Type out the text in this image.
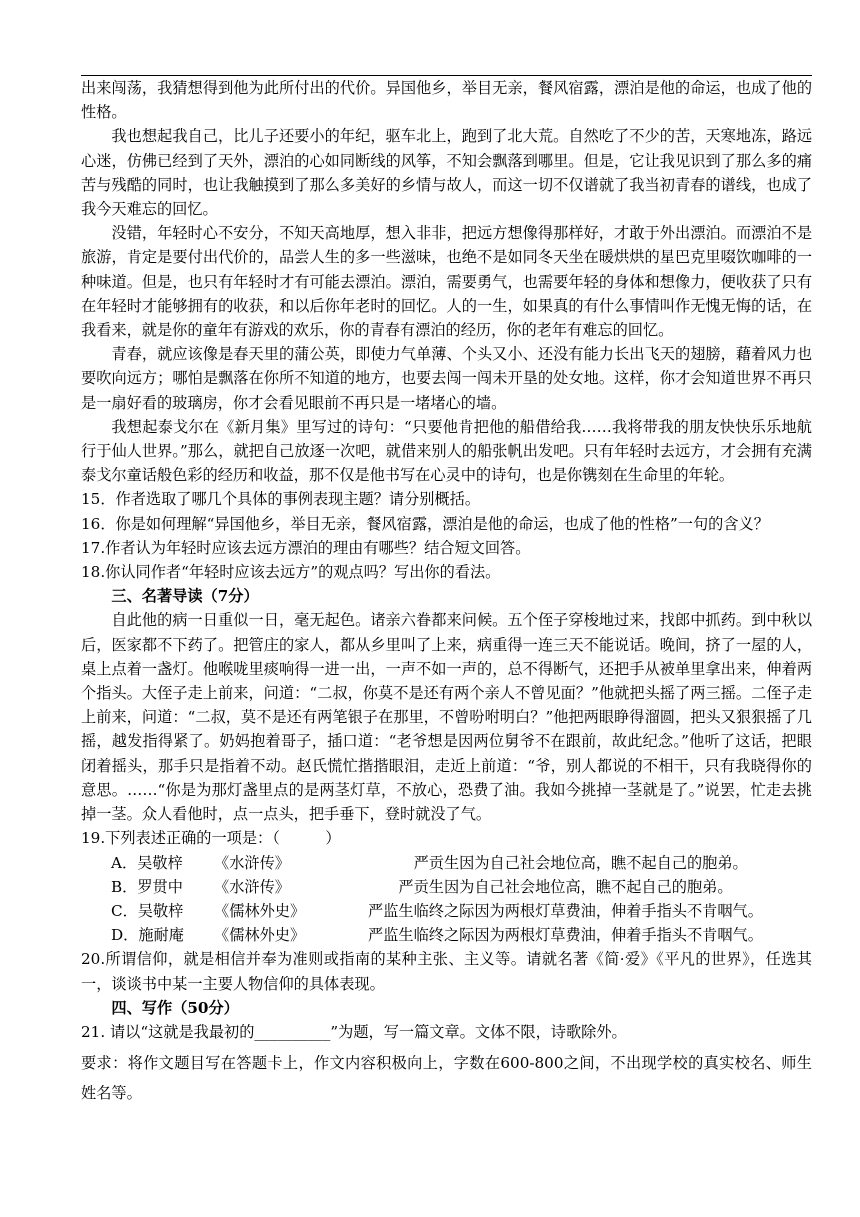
出来闯荡，我猜想得到他为此所付出的代价。异国他乡，举目无亲，餐风宿露，漂泊是他的命运，也成了他的性格。

我也想起我自己，比儿子还要小的年纪，驱车北上，跑到了北大荒。自然吃了不少的苦，天寒地冻，路远心迷，仿佛已经到了天外，漂泊的心如同断线的风筝，不知会飘落到哪里。但是，它让我见识到了那么多的痛苦与残酷的同时，也让我触摸到了那么多美好的乡情与故人，而这一切不仅谱就了我当初青春的谱线，也成了我今天难忘的回忆。

没错，年轻时心不安分，不知天高地厚，想入非非，把远方想像得那样好，才敢于外出漂泊。而漂泊不是旅游，肯定是要付出代价的，品尝人生的多一些滋味，也绝不是如同冬天坐在暖烘烘的星巴克里啜饮咖啡的一种味道。但是，也只有年轻时才有可能去漂泊。漂泊，需要勇气，也需要年轻的身体和想像力，便收获了只有在年轻时才能够拥有的收获，和以后你年老时的回忆。人的一生，如果真的有什么事情叫作无愧无悔的话，在我看来，就是你的童年有游戏的欢乐，你的青春有漂泊的经历，你的老年有难忘的回忆。

青春，就应该像是春天里的蒲公英，即使力气单薄、个头又小、还没有能力长出飞天的翅膀，藉着风力也要吹向远方；哪怕是飘落在你所不知道的地方，也要去闯一闯未开垦的处女地。这样，你才会知道世界不再只是一扇好看的玻璃房，你才会看见眼前不再只是一堵堵心的墙。

我想起泰戈尔在《新月集》里写过的诗句：“只要他肯把他的船借给我……我将带我的朋友快快乐乐地航行于仙人世界。”那么，就把自己放逐一次吧，就借来别人的船张帆出发吧。只有年轻时去远方，才会拥有充满泰戈尔童话般色彩的经历和收益，那不仅是他书写在心灵中的诗句，也是你镌刻在生命里的年轮。

15．作者选取了哪几个具体的事例表现主题？请分别概括。

16．你是如何理解“异国他乡，举目无亲，餐风宿露，漂泊是他的命运，也成了他的性格”一句的含义？

17.作者认为年轻时应该去远方漂泊的理由有哪些？结合短文回答。

18.你认同作者“年轻时应该去远方”的观点吗？写出你的看法。

三、名著导读（7分）

自此他的病一日重似一日，毫无起色。诸亲六眷都来问候。五个侄子穿梭地过来，找郎中抓药。到中秋以后，医家都不下药了。把管庄的家人，都从乡里叫了上来，病重得一连三天不能说话。晚间，挤了一屋的人，桌上点着一盏灯。他喉咙里痰响得一进一出，一声不如一声的，总不得断气，还把手从被单里拿出来，伸着两个指头。大侄子走上前来，问道：“二叔，你莫不是还有两个亲人不曾见面？”他就把头摇了两三摇。二侄子走上前来，问道：“二叔，莫不是还有两笔银子在那里，不曾吩咐明白？”他把两眼睁得溜圆，把头又狠狠摇了几摇，越发指得紧了。奶妈抱着哥子，插口道：“老爷想是因两位舅爷不在跟前，故此纪念。”他听了这话，把眼闭着摇头，那手只是指着不动。赵氏慌忙揩揩眼泪，走近上前道：“爷，别人都说的不相干，只有我晓得你的意思。……“你是为那灯盏里点的是两茎灯草，不放心，恐费了油。我如今挑掉一茎就是了。”说罢，忙走去挑掉一茎。众人看他时，点一点头，把手垂下，登时就没了气。

19.下列表述正确的一项是：（　　　）

A．吴敬梓	《水浒传》	　　　严贡生因为自己社会地位高，瞧不起自己的胞弟。
B．罗贯中	《水浒传》	　　严贡生因为自己社会地位高，瞧不起自己的胞弟。
C．吴敬梓	《儒林外史》	严监生临终之际因为两根灯草费油，伸着手指头不肯咽气。
D．施耐庵	《儒林外史》	严监生临终之际因为两根灯草费油，伸着手指头不肯咽气。

20.所谓信仰，就是相信并奉为准则或指南的某种主张、主义等。请就名著《简·爱》《平凡的世界》，任选其一，谈谈书中某一主要人物信仰的具体表现。

四、写作（50分）

21. 请以“这就是我最初的__________”为题，写一篇文章。文体不限，诗歌除外。

要求：将作文题目写在答题卡上，作文内容积极向上，字数在600-800之间，不出现学校的真实校名、师生姓名等。
